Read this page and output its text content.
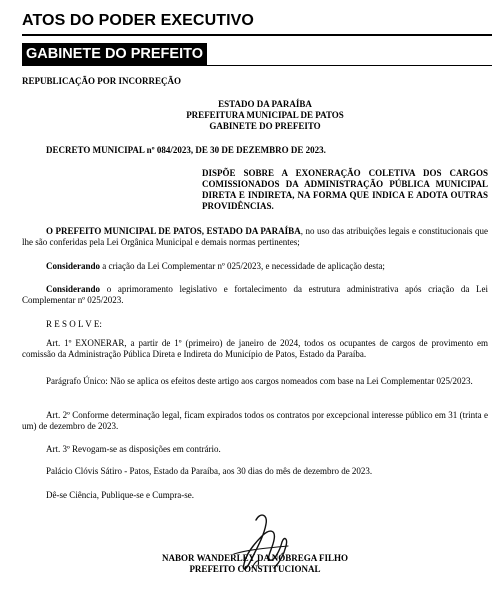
ATOS DO PODER EXECUTIVO
GABINETE DO PREFEITO
REPUBLICAÇÃO POR INCORREÇÃO
ESTADO DA PARAÍBA
PREFEITURA MUNICIPAL DE PATOS
GABINETE DO PREFEITO
DECRETO MUNICIPAL nº 084/2023, DE 30 DE DEZEMBRO DE 2023.
DISPÕE SOBRE A EXONERAÇÃO COLETIVA DOS CARGOS COMISSIONADOS DA ADMINISTRAÇÃO PÚBLICA MUNICIPAL DIRETA E INDIRETA, NA FORMA QUE INDICA E ADOTA OUTRAS PROVIDÊNCIAS.
O PREFEITO MUNICIPAL DE PATOS, ESTADO DA PARAÍBA, no uso das atribuições legais e constitucionais que lhe são conferidas pela Lei Orgânica Municipal e demais normas pertinentes;
Considerando a criação da Lei Complementar nº 025/2023, e necessidade de aplicação desta;
Considerando o aprimoramento legislativo e fortalecimento da estrutura administrativa após criação da Lei Complementar nº 025/2023.
R E S O L V E:
Art. 1º EXONERAR, a partir de 1º (primeiro) de janeiro de 2024, todos os ocupantes de cargos de provimento em comissão da Administração Pública Direta e Indireta do Município de Patos, Estado da Paraíba.
Parágrafo Único: Não se aplica os efeitos deste artigo aos cargos nomeados com base na Lei Complementar 025/2023.
Art. 2º Conforme determinação legal, ficam expirados todos os contratos por excepcional interesse público em 31 (trinta e um) de dezembro de 2023.
Art. 3º Revogam-se as disposições em contrário.
Palácio Clóvis Sátiro - Patos, Estado da Paraíba, aos 30 dias do mês de dezembro de 2023.
Dê-se Ciência, Publique-se e Cumpra-se.
NABOR WANDERLEY DA NÓBREGA FILHO
PREFEITO CONSTITUCIONAL
